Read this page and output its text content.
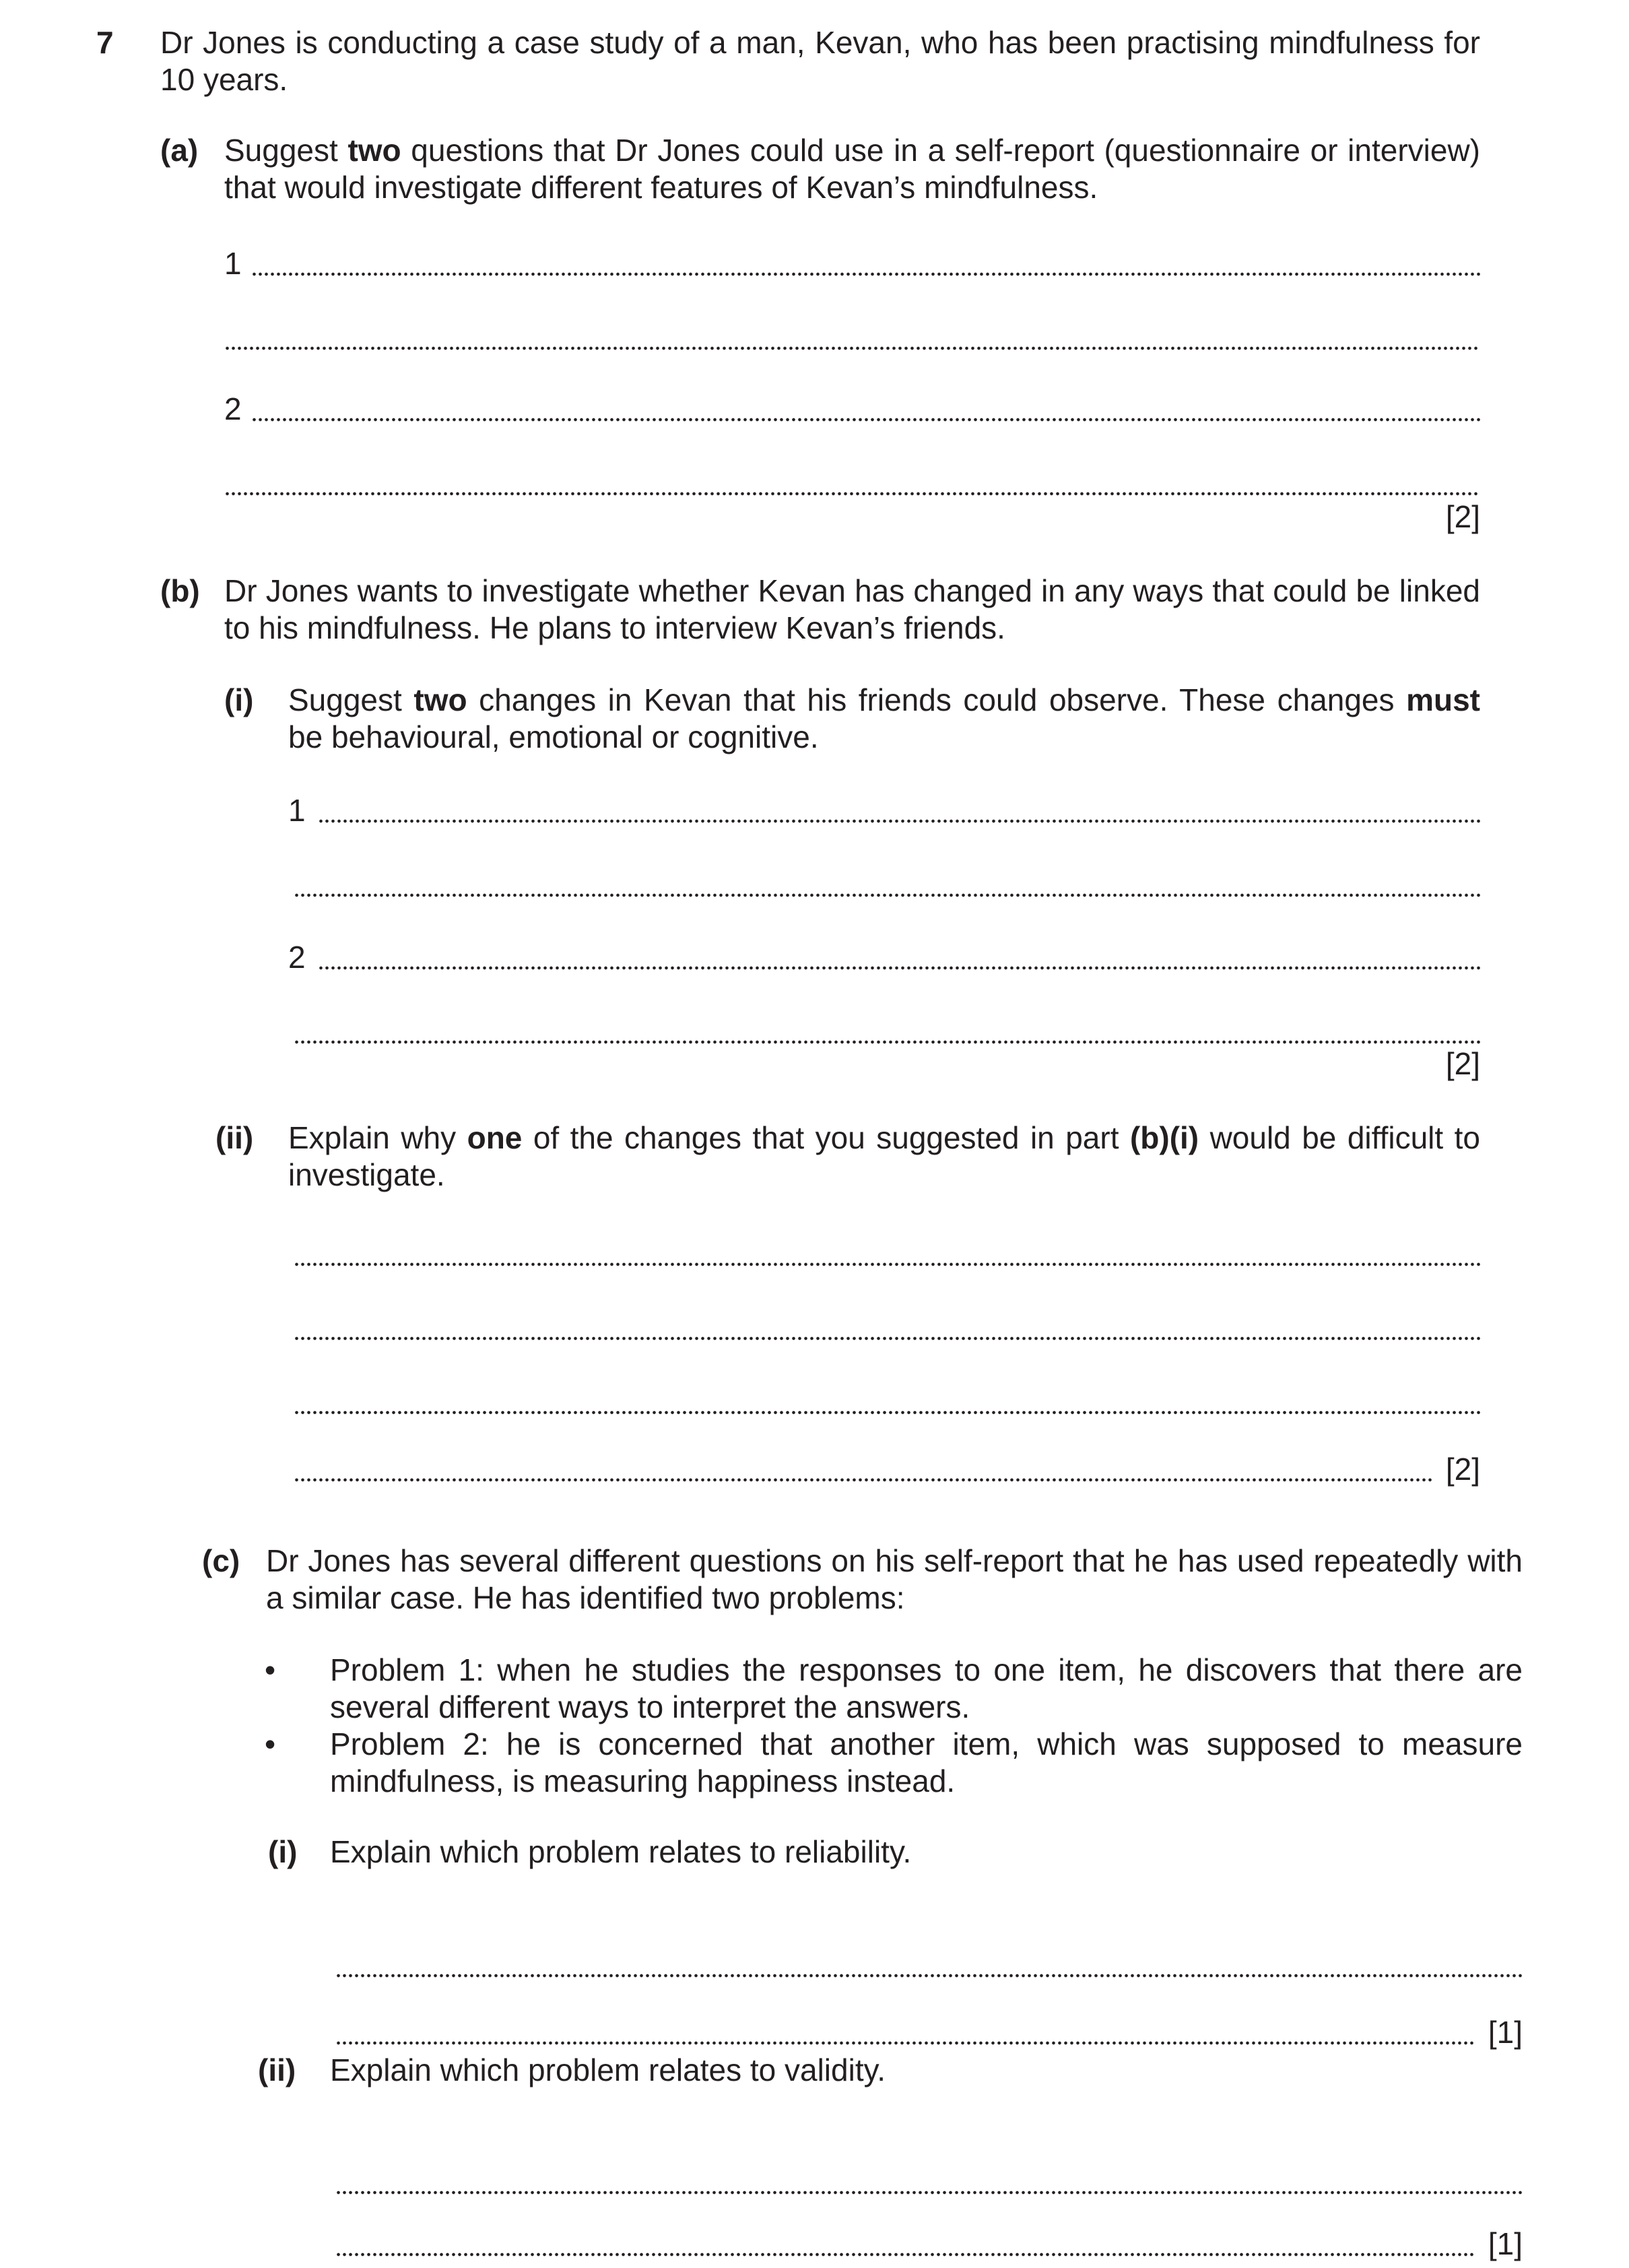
7 Dr Jones is conducting a case study of a man, Kevan, who has been practising mindfulness for 10 years.
(a) Suggest two questions that Dr Jones could use in a self-report (questionnaire or interview) that would investigate different features of Kevan’s mindfulness.
1
2
[2]
(b) Dr Jones wants to investigate whether Kevan has changed in any ways that could be linked to his mindfulness. He plans to interview Kevan’s friends.
(i) Suggest two changes in Kevan that his friends could observe. These changes must be behavioural, emotional or cognitive.
1
2
[2]
(ii) Explain why one of the changes that you suggested in part (b)(i) would be difficult to investigate.
[2]
(c) Dr Jones has several different questions on his self-report that he has used repeatedly with a similar case. He has identified two problems:
• Problem 1: when he studies the responses to one item, he discovers that there are several different ways to interpret the answers.
• Problem 2: he is concerned that another item, which was supposed to measure mindfulness, is measuring happiness instead.
(i) Explain which problem relates to reliability.
[1]
(ii) Explain which problem relates to validity.
[1]
